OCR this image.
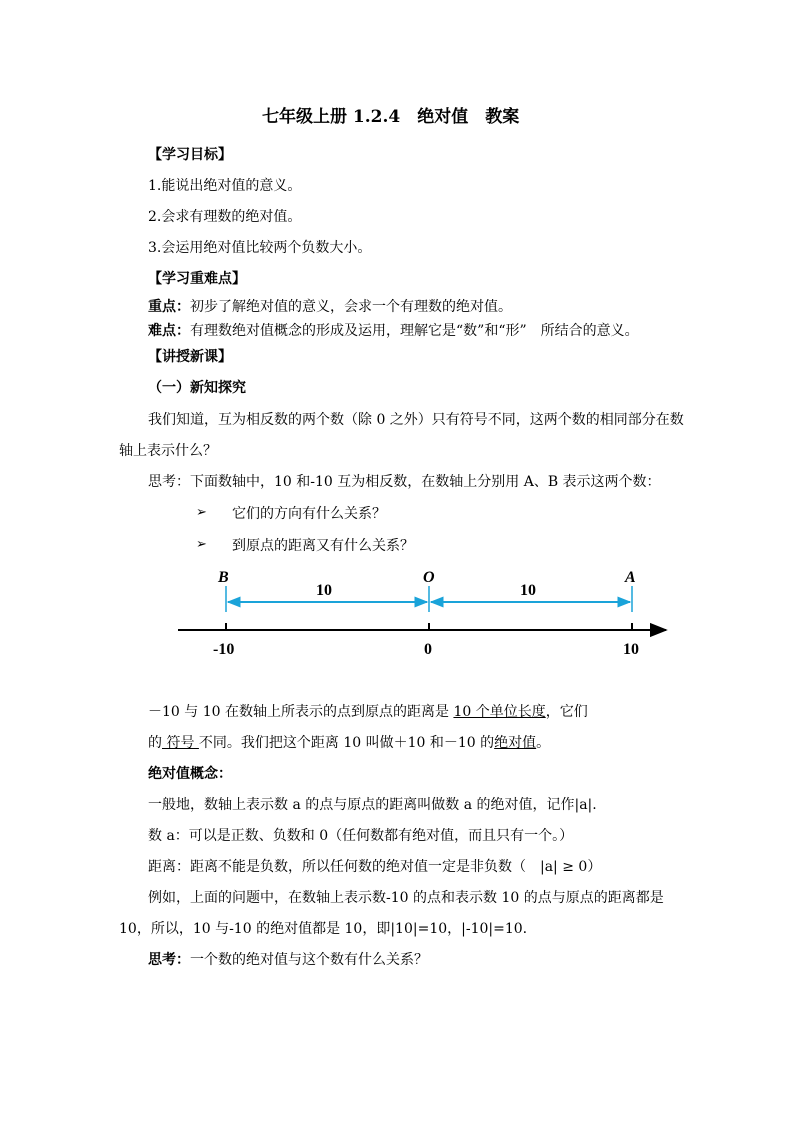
七年级上册 1.2.4　绝对值　教案
【学习目标】
1.能说出绝对值的意义。
2.会求有理数的绝对值。
3.会运用绝对值比较两个负数大小。
【学习重难点】
重点：初步了解绝对值的意义，会求一个有理数的绝对值。
难点：有理数绝对值概念的形成及运用，理解它是“数”和“形”　所结合的意义。
【讲授新课】
（一）新知探究
我们知道，互为相反数的两个数（除 0 之外）只有符号不同，这两个数的相同部分在数
轴上表示什么？
思考：下面数轴中，10 和-10 互为相反数，在数轴上分别用 A、B 表示这两个数：
➢ 它们的方向有什么关系？
➢ 到原点的距离又有什么关系？
B	O	A
10	10
-10	0	10
－10 与 10 在数轴上所表示的点到原点的距离是 10 个单位长度，它们
的 符号 不同。我们把这个距离 10 叫做＋10 和－10 的绝对值。
绝对值概念：
一般地，数轴上表示数 a 的点与原点的距离叫做数 a 的绝对值，记作|a|.
数 a：可以是正数、负数和 0（任何数都有绝对值，而且只有一个。）
距离：距离不能是负数，所以任何数的绝对值一定是非负数（　|a| ≥ 0）
例如，上面的问题中，在数轴上表示数-10 的点和表示数 10 的点与原点的距离都是
10，所以，10 与-10 的绝对值都是 10，即|10|=10，|-10|=10.
思考：一个数的绝对值与这个数有什么关系？
